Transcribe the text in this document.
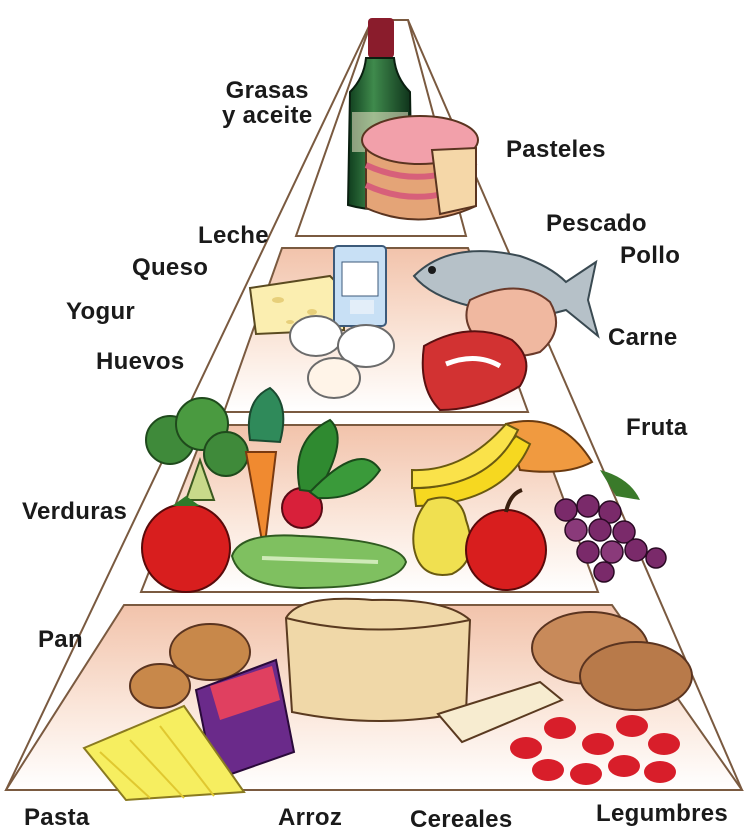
Grasas
y aceite
Pasteles
Leche
Queso
Yogur
Huevos
Pescado
Pollo
Carne
Fruta
Verduras
Pan
Pasta	Arroz	Cereales	Legumbres
